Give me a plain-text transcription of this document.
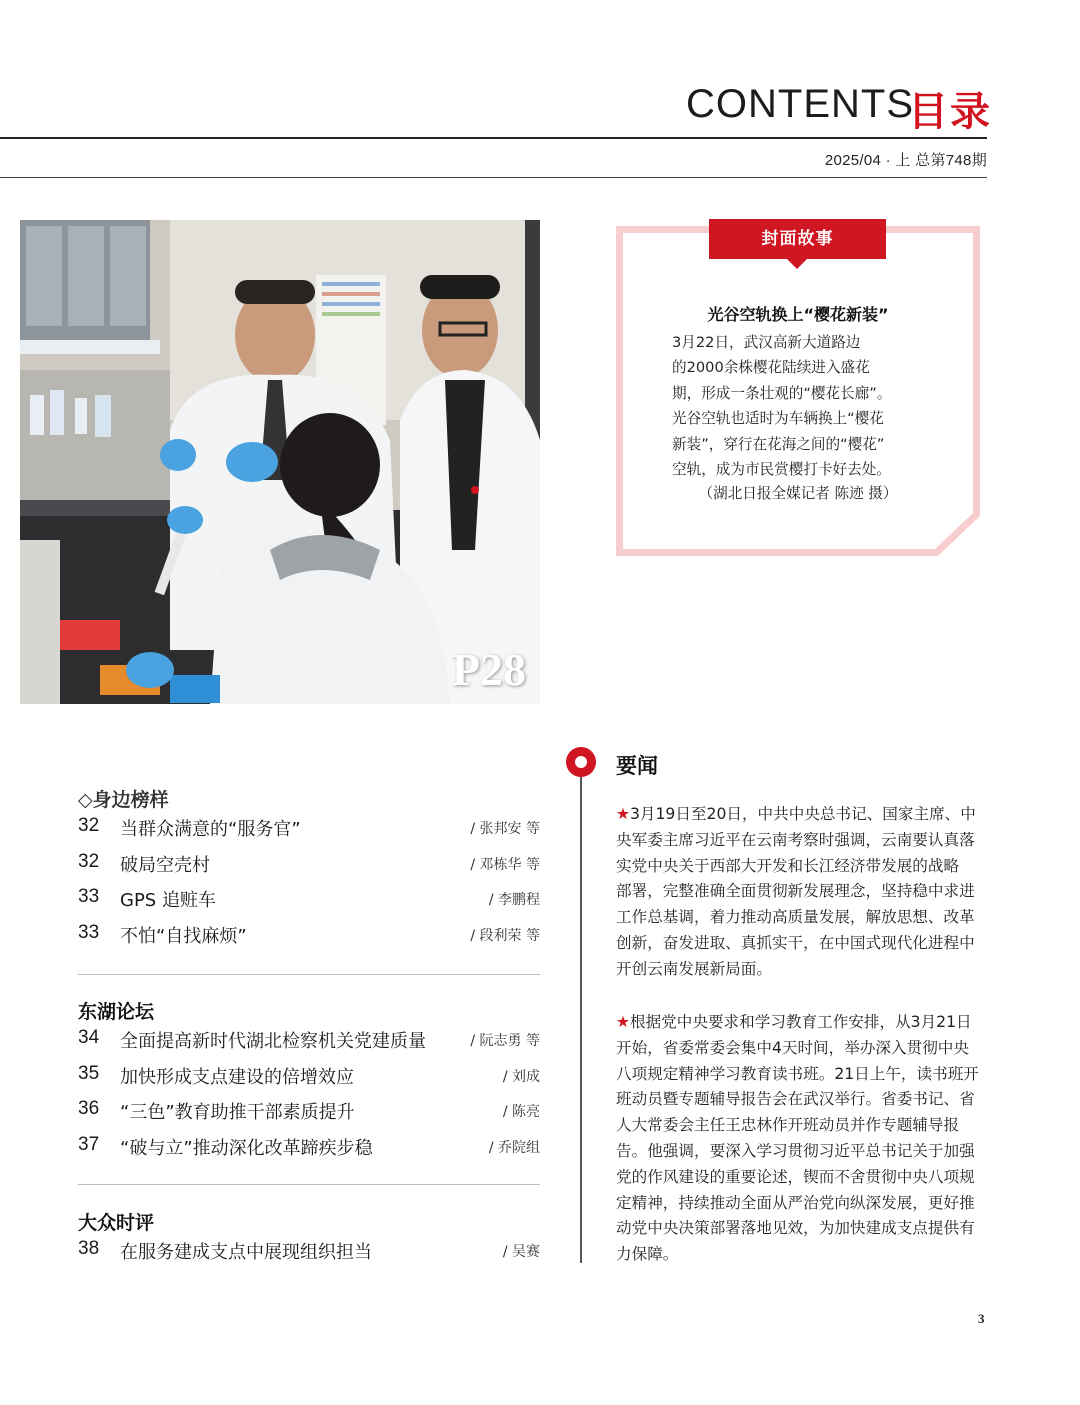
CONTENTS
目录
2025/04 · 上 总第748期
P28
封面故事
光谷空轨换上“樱花新装”
3月22日，武汉高新大道路边
的2000余株樱花陆续进入盛花
期，形成一条壮观的“樱花长廊”。
光谷空轨也适时为车辆换上“樱花
新装”，穿行在花海之间的“樱花”
空轨，成为市民赏樱打卡好去处。
（湖北日报全媒记者 陈迹 摄）
◇身边榜样
32 当群众满意的“服务官”	/ 张邦安 等
32 破局空壳村	/ 邓栋华 等
33 GPS 追赃车	/ 李鹏程
33 不怕“自找麻烦”	/ 段利荣 等
东湖论坛
34 全面提高新时代湖北检察机关党建质量	/ 阮志勇 等
35 加快形成支点建设的倍增效应	/ 刘成
36 “三色”教育助推干部素质提升	/ 陈亮
37 “破与立”推动深化改革蹄疾步稳	/ 乔院组
大众时评
38 在服务建成支点中展现组织担当	/ 吴赛
要闻
★3月19日至20日，中共中央总书记、国家主席、中
央军委主席习近平在云南考察时强调，云南要认真落
实党中央关于西部大开发和长江经济带发展的战略
部署，完整准确全面贯彻新发展理念，坚持稳中求进
工作总基调，着力推动高质量发展，解放思想、改革
创新，奋发进取、真抓实干，在中国式现代化进程中
开创云南发展新局面。
★根据党中央要求和学习教育工作安排，从3月21日
开始，省委常委会集中4天时间，举办深入贯彻中央
八项规定精神学习教育读书班。21日上午，读书班开
班动员暨专题辅导报告会在武汉举行。省委书记、省
人大常委会主任王忠林作开班动员并作专题辅导报
告。他强调，要深入学习贯彻习近平总书记关于加强
党的作风建设的重要论述，锲而不舍贯彻中央八项规
定精神，持续推动全面从严治党向纵深发展，更好推
动党中央决策部署落地见效，为加快建成支点提供有
力保障。
3
